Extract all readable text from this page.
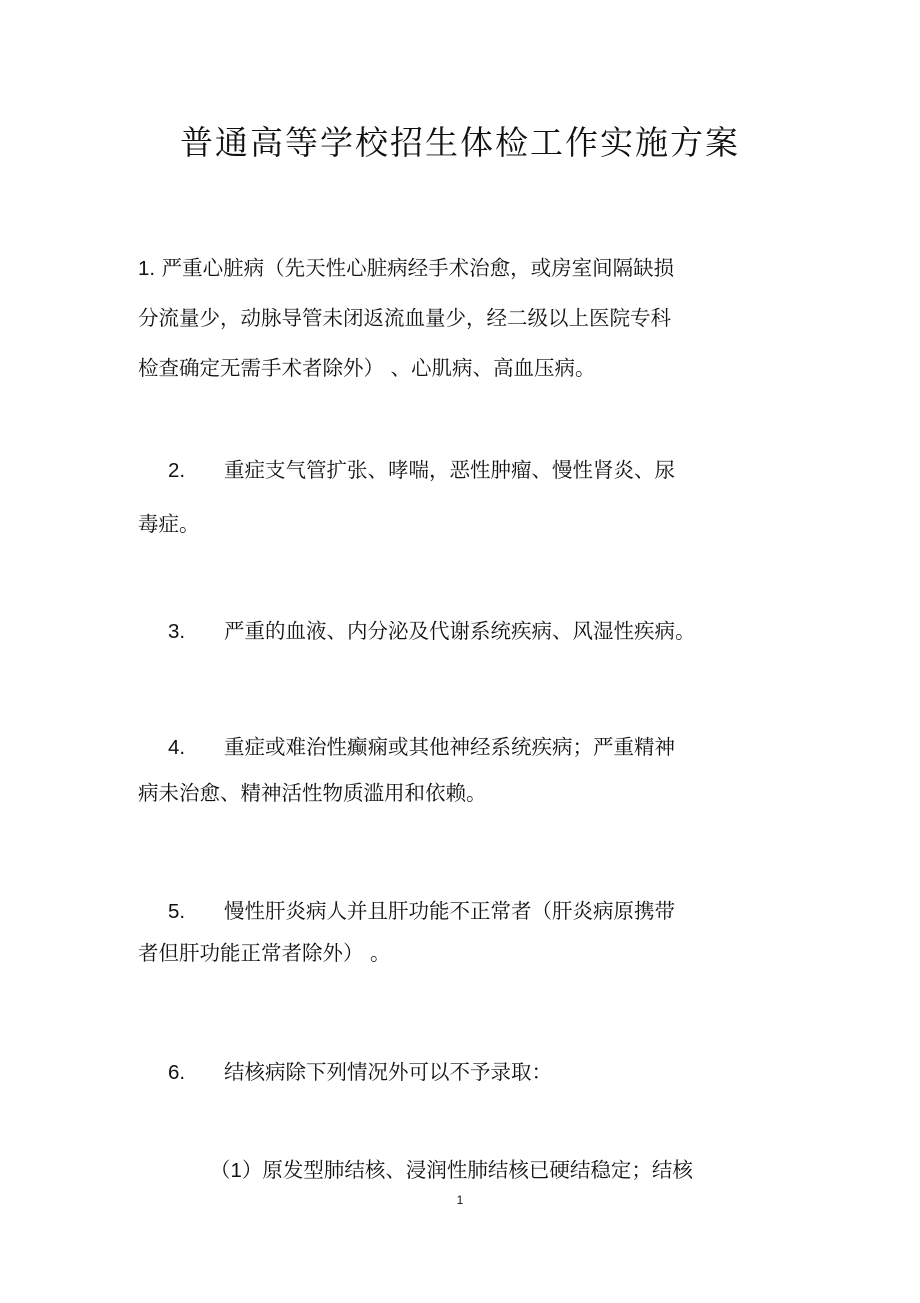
普通高等学校招生体检工作实施方案
1. 严重心脏病（先天性心脏病经手术治愈，或房室间隔缺损
分流量少，动脉导管未闭返流血量少，经二级以上医院专科
检查确定无需手术者除外） 、心肌病、高血压病。
2. 重症支气管扩张、哮喘，恶性肿瘤、慢性肾炎、尿
毒症。
3. 严重的血液、内分泌及代谢系统疾病、风湿性疾病。
4. 重症或难治性癫痫或其他神经系统疾病；严重精神
病未治愈、精神活性物质滥用和依赖。
5. 慢性肝炎病人并且肝功能不正常者（肝炎病原携带
者但肝功能正常者除外） 。
6. 结核病除下列情况外可以不予录取：
（1）原发型肺结核、浸润性肺结核已硬结稳定；结核
1
